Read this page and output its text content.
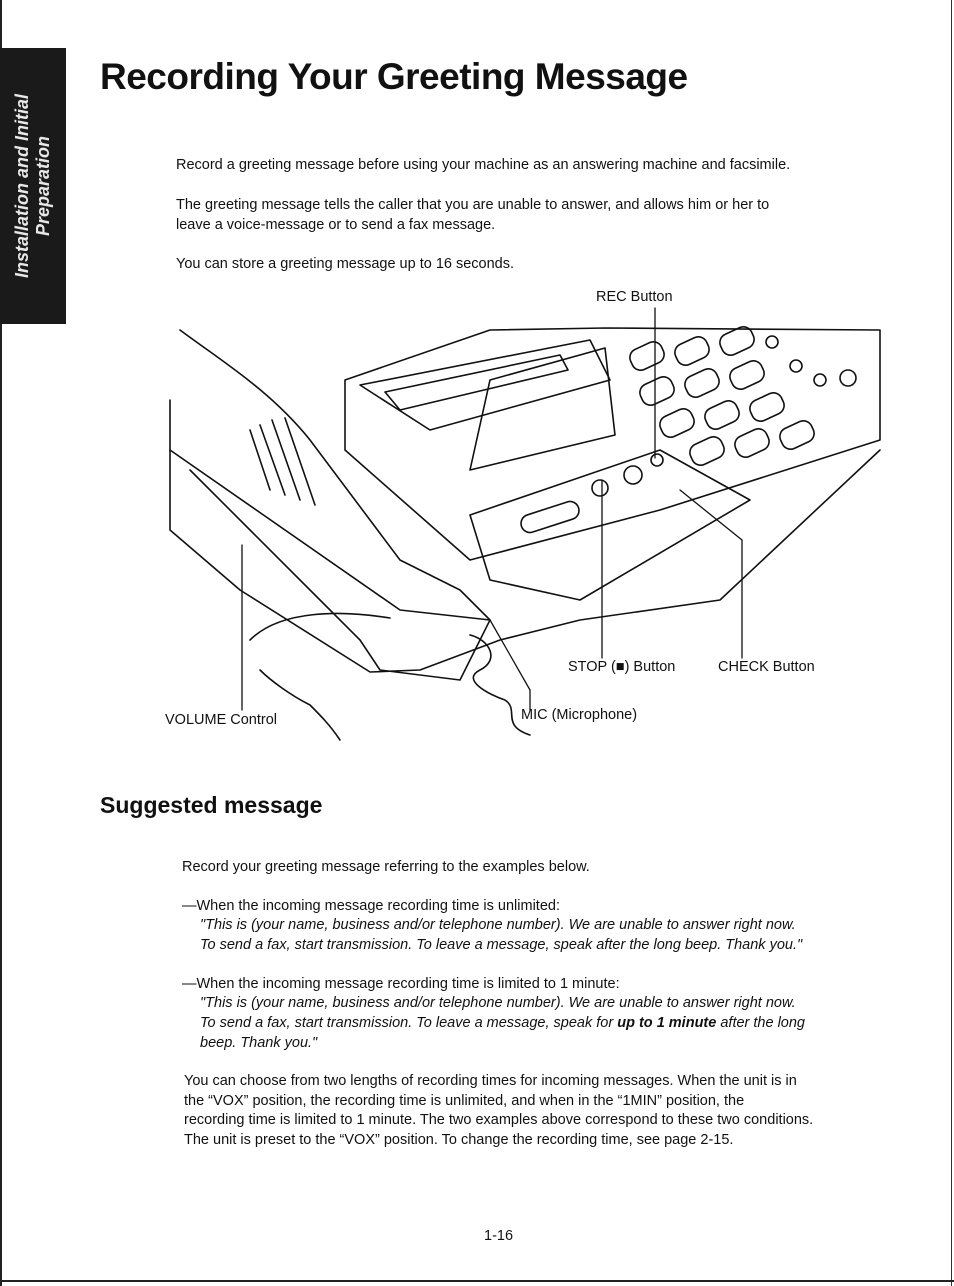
Installation and Initial Preparation
Recording Your Greeting Message
Record a greeting message before using your machine as an answering machine and facsimile.
The greeting message tells the caller that you are unable to answer, and allows him or her to
leave a voice-message or to send a fax message.
You can store a greeting message up to 16 seconds.
REC Button
STOP (■) Button	CHECK Button
VOLUME Control	MIC (Microphone)
Suggested message
Record your greeting message referring to the examples below.
—When the incoming message recording time is unlimited:
"This is (your name, business and/or telephone number). We are unable to answer right now.
To send a fax, start transmission. To leave a message, speak after the long beep. Thank you."
—When the incoming message recording time is limited to 1 minute:
"This is (your name, business and/or telephone number). We are unable to answer right now.
To send a fax, start transmission. To leave a message, speak for up to 1 minute after the long
beep. Thank you."
You can choose from two lengths of recording times for incoming messages. When the unit is in
the “VOX” position, the recording time is unlimited, and when in the “1MIN” position, the
recording time is limited to 1 minute. The two examples above correspond to these two conditions.
The unit is preset to the “VOX” position. To change the recording time, see page 2-15.
1-16
